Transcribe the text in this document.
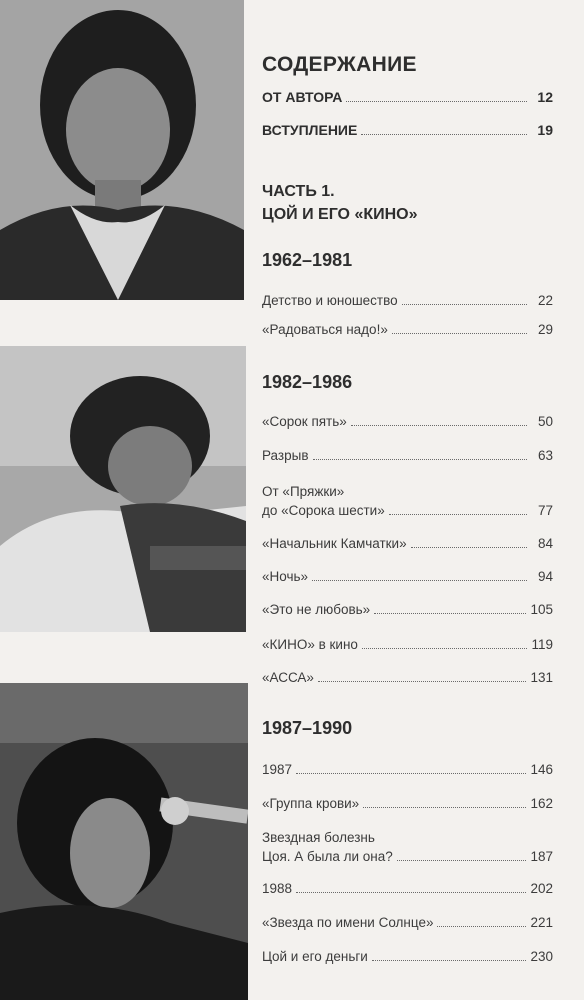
СОДЕРЖАНИЕ
ОТ АВТОРА	12
ВСТУПЛЕНИЕ	19
ЧАСТЬ 1.
ЦОЙ И ЕГО «КИНО»
1962–1981
Детство и юношество	22
«Радоваться надо!»	29
1982–1986
«Сорок пять»	50
Разрыв	63
От «Пряжки»
до «Сорока шести»	77
«Начальник Камчатки»	84
«Ночь»	94
«Это не любовь»	105
«КИНО» в кино	119
«АССА»	131
1987–1990
1987	146
«Группа крови»	162
Звездная болезнь
Цоя. А была ли она?	187
1988	202
«Звезда по имени Солнце»	221
Цой и его деньги	230
